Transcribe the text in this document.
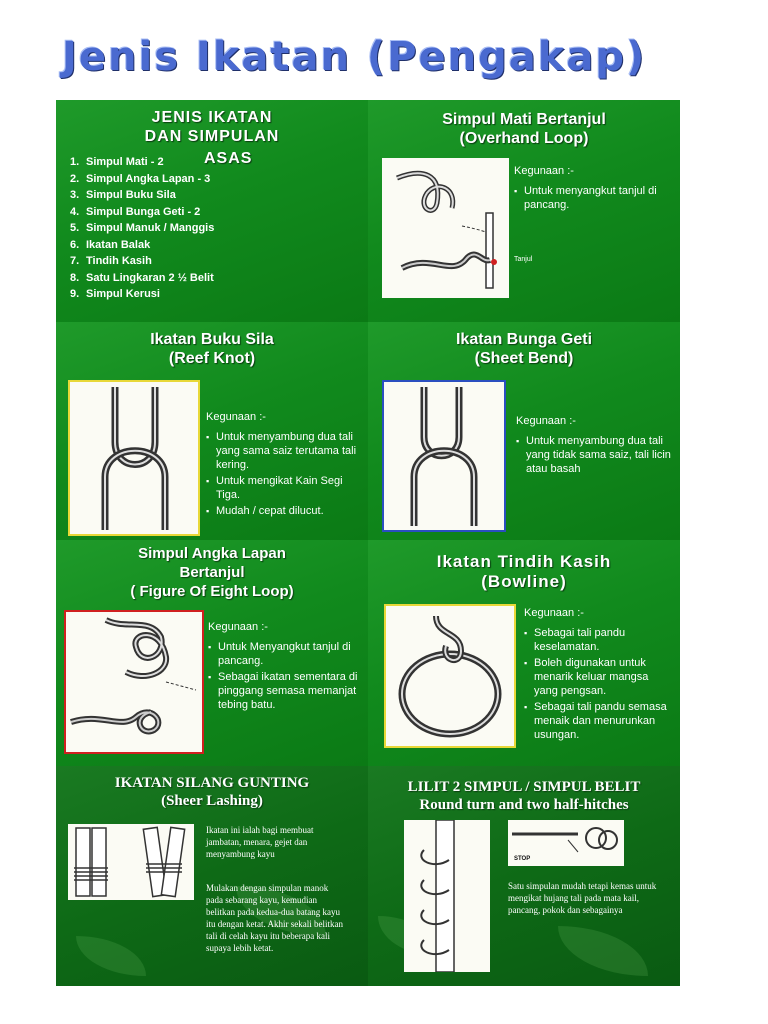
Jenis Ikatan (Pengakap)
JENIS IKATAN
DAN SIMPULAN
ASAS
1. Simpul Mati - 2
2. Simpul Angka Lapan - 3
3. Simpul Buku Sila
4. Simpul Bunga Geti - 2
5. Simpul Manuk / Manggis
6. Ikatan Balak
7. Tindih Kasih
8. Satu Lingkaran 2 ½ Belit
9. Simpul Kerusi
Simpul Mati Bertanjul
(Overhand Loop)
Tanjul
Kegunaan :-
▪ Untuk menyangkut tanjul di pancang.
Ikatan Buku Sila
(Reef Knot)
Kegunaan :-
▪ Untuk menyambung dua tali yang sama saiz terutama tali kering.
▪ Untuk mengikat Kain Segi Tiga.
▪ Mudah / cepat dilucut.
Ikatan Bunga Geti
(Sheet Bend)
Kegunaan :-
▪ Untuk menyambung dua tali yang tidak sama saiz, tali licin atau basah
Simpul Angka Lapan
Bertanjul
( Figure Of Eight Loop)
Kegunaan :-
▪ Untuk Menyangkut tanjul di pancang.
▪ Sebagai ikatan sementara di pinggang semasa memanjat tebing batu.
Ikatan Tindih Kasih
(Bowline)
Kegunaan :-
▪ Sebagai tali pandu keselamatan.
▪ Boleh digunakan untuk menarik keluar mangsa yang pengsan.
▪ Sebagai tali pandu semasa menaik dan menurunkan usungan.
IKATAN SILANG GUNTING
(Sheer Lashing)
Ikatan ini ialah bagi membuat jambatan, menara, gejet dan menyambung kayu
Mulakan dengan simpulan manok pada sebarang kayu, kemudian belitkan pada kedua-dua batang kayu itu dengan ketat. Akhir sekali belitkan tali di celah kayu itu beberapa kali supaya lebih ketat.
LILIT 2 SIMPUL / SIMPUL BELIT
Round turn and two half-hitches
STOP
Satu simpulan mudah tetapi kemas untuk mengikat hujang tali pada mata kail, pancang, pokok dan sebagainya
